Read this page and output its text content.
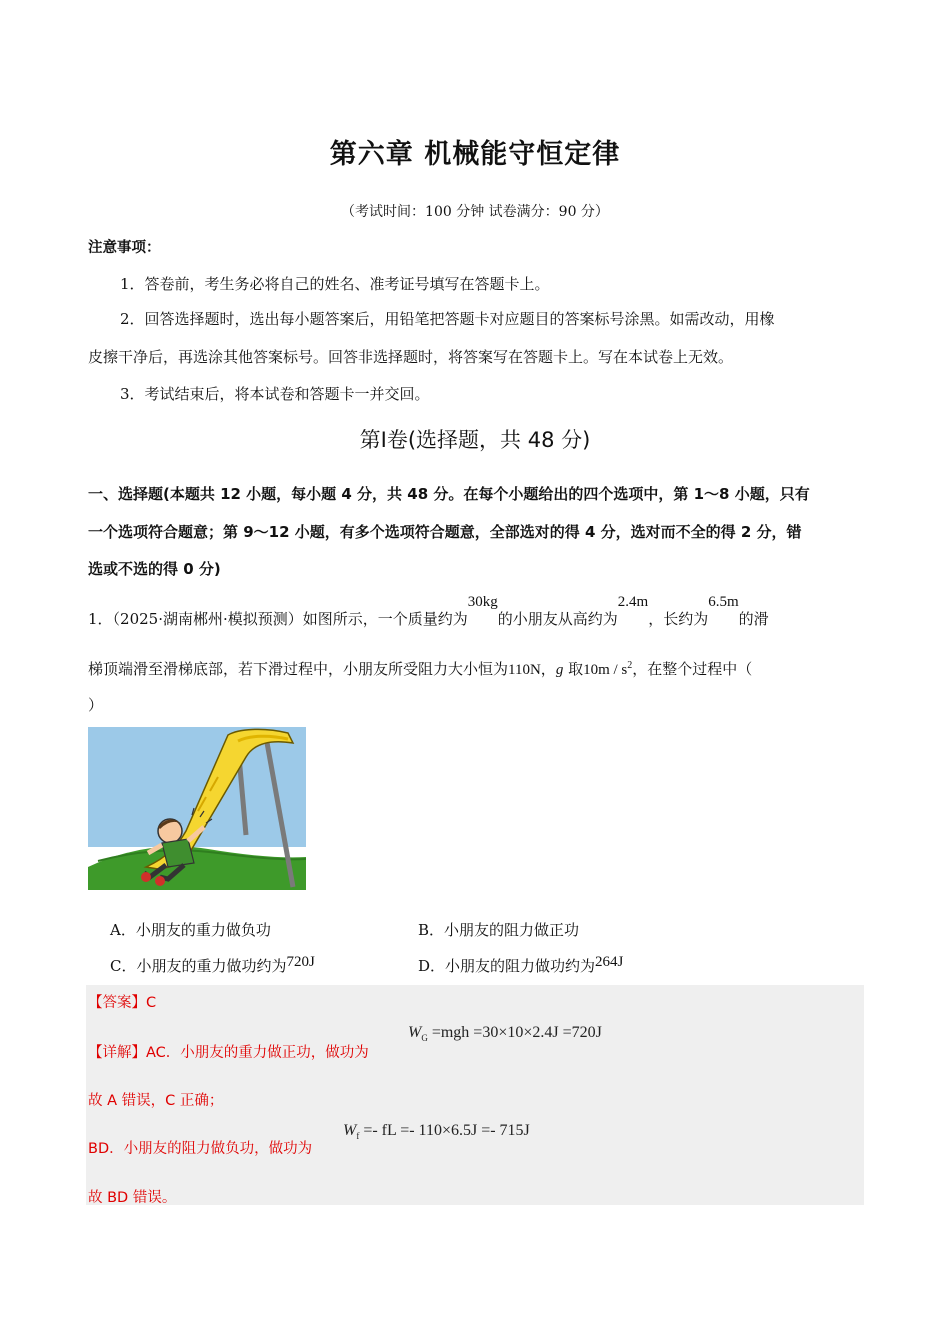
第六章 机械能守恒定律
（考试时间：100 分钟 试卷满分：90 分）
注意事项：
1．答卷前，考生务必将自己的姓名、准考证号填写在答题卡上。
2．回答选择题时，选出每小题答案后，用铅笔把答题卡对应题目的答案标号涂黑。如需改动，用橡
皮擦干净后，再选涂其他答案标号。回答非选择题时，将答案写在答题卡上。写在本试卷上无效。
3．考试结束后，将本试卷和答题卡一并交回。
第Ⅰ卷(选择题，共 48 分)
一、选择题(本题共 12 小题，每小题 4 分，共 48 分。在每个小题给出的四个选项中，第 1～8 小题，只有
一个选项符合题意；第 9～12 小题，有多个选项符合题意，全部选对的得 4 分，选对而不全的得 2 分，错
选或不选的得 0 分)
1．（2025·湖南郴州·模拟预测）如图所示，一个质量约为30kg的小朋友从高约为2.4m，长约为6.5m的滑
梯顶端滑至滑梯底部，若下滑过程中，小朋友所受阻力大小恒为110N，g 取$10m / s^2$，在整个过程中（
）
A．小朋友的重力做负功	B．小朋友的阻力做正功
C．小朋友的重力做功约为720J	D．小朋友的阻力做功约为264J
【答案】C
【详解】AC．小朋友的重力做正功，做功为
$W_G =mgh =30\times 10\times 2.4J =720J$
故 A 错误，C 正确；
BD．小朋友的阻力做负功，做功为
$W_f$ =- fL =- 110×6.5J =- 715J
故 BD 错误。
